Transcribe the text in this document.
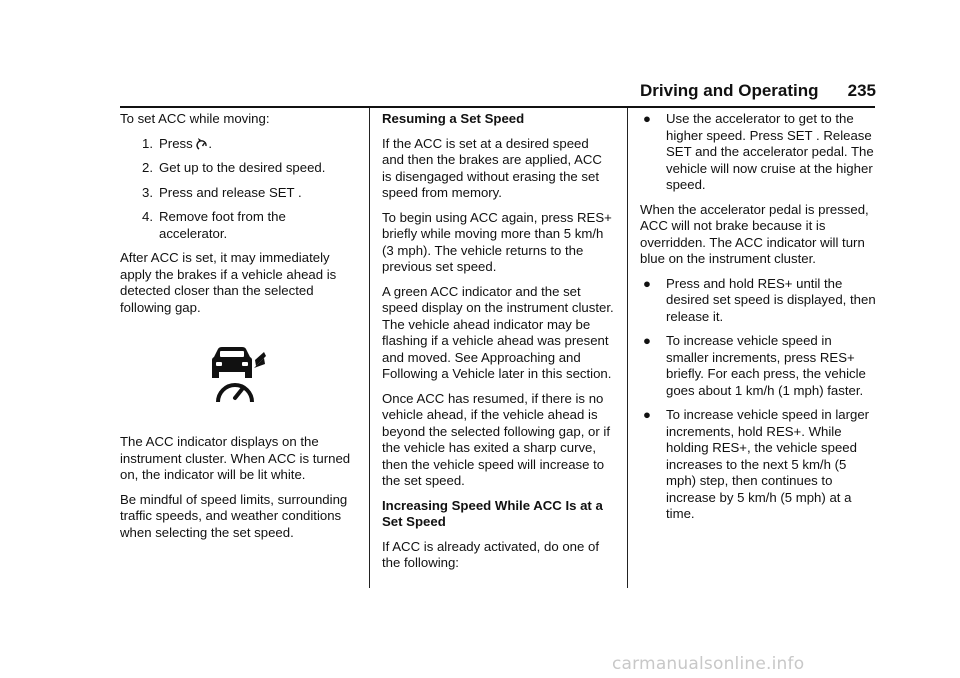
Driving and Operating 235

To set ACC while moving:

1. Press .
2. Get up to the desired speed.
3. Press and release SET .
4. Remove foot from the accelerator.

After ACC is set, it may immediately apply the brakes if a vehicle ahead is detected closer than the selected following gap.

The ACC indicator displays on the instrument cluster. When ACC is turned on, the indicator will be lit white.

Be mindful of speed limits, surrounding traffic speeds, and weather conditions when selecting the set speed.

Resuming a Set Speed

If the ACC is set at a desired speed and then the brakes are applied, ACC is disengaged without erasing the set speed from memory.

To begin using ACC again, press RES+ briefly while moving more than 5 km/h (3 mph). The vehicle returns to the previous set speed.

A green ACC indicator and the set speed display on the instrument cluster. The vehicle ahead indicator may be flashing if a vehicle ahead was present and moved. See Approaching and Following a Vehicle later in this section.

Once ACC has resumed, if there is no vehicle ahead, if the vehicle ahead is beyond the selected following gap, or if the vehicle has exited a sharp curve, then the vehicle speed will increase to the set speed.

Increasing Speed While ACC Is at a Set Speed

If ACC is already activated, do one of the following:

●	Use the accelerator to get to the higher speed. Press SET . Release SET and the accelerator pedal. The vehicle will now cruise at the higher speed.

When the accelerator pedal is pressed, ACC will not brake because it is overridden. The ACC indicator will turn blue on the instrument cluster.

●	Press and hold RES+ until the desired set speed is displayed, then release it.
●	To increase vehicle speed in smaller increments, press RES+ briefly. For each press, the vehicle goes about 1 km/h (1 mph) faster.
●	To increase vehicle speed in larger increments, hold RES+. While holding RES+, the vehicle speed increases to the next 5 km/h (5 mph) step, then continues to increase by 5 km/h (5 mph) at a time.
carmanualsonline.info
